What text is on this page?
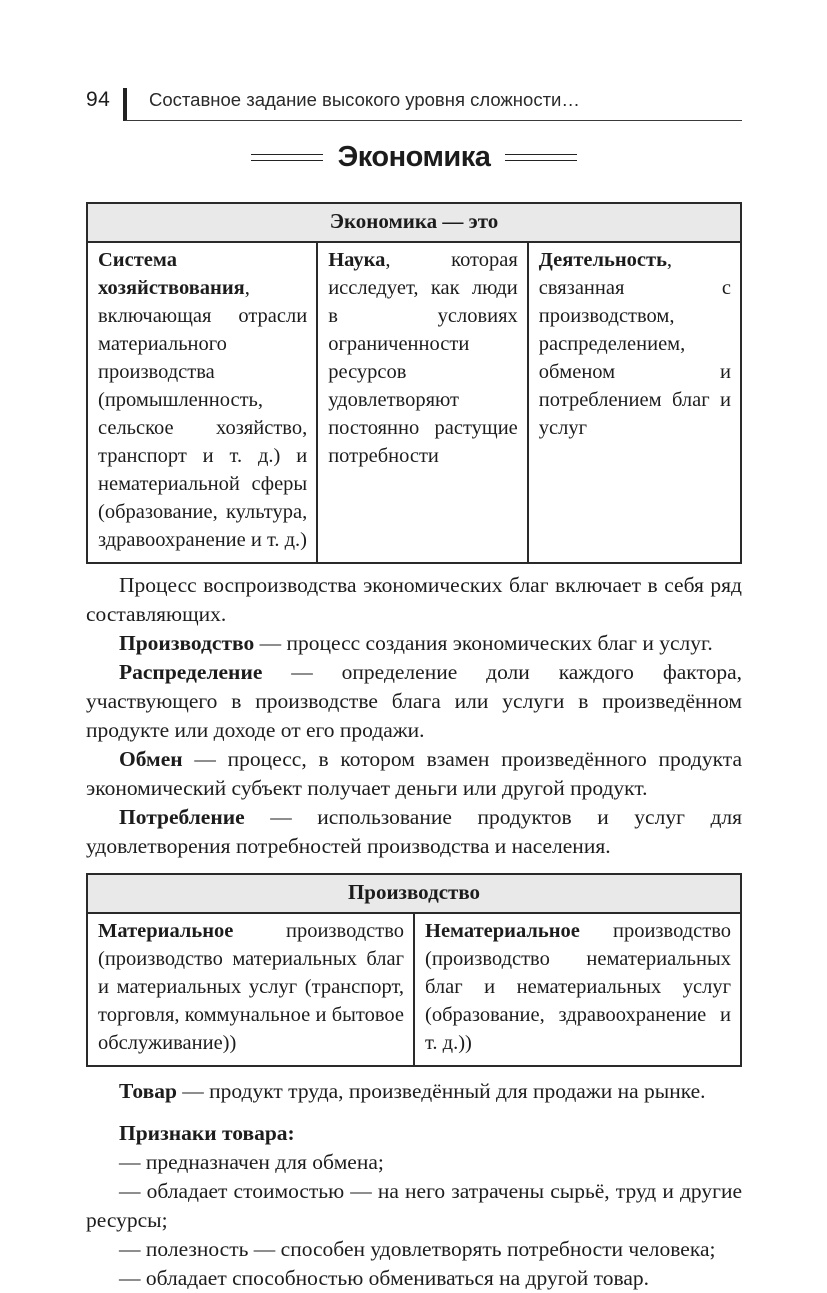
94	Составное задание высокого уровня сложности…
Экономика
Экономика — это
Система хозяйствования, включающая отрасли материального производства (промышленность, сельское хозяйство, транспорт и т. д.) и нематериальной сферы (образование, культура, здравоохранение и т. д.)	Наука, которая исследует, как люди в условиях ограниченности ресурсов удовлетворяют постоянно растущие потребности	Деятельность, связанная с производством, распределением, обменом и потреблением благ и услуг

Процесс воспроизводства экономических благ включает в себя ряд составляющих.

Производство — процесс создания экономических благ и услуг.

Распределение — определение доли каждого фактора, участвующего в производстве блага или услуги в произведённом продукте или доходе от его продажи.

Обмен — процесс, в котором взамен произведённого продукта экономический субъект получает деньги или другой продукт.

Потребление — использование продуктов и услуг для удовлетворения потребностей производства и населения.

Производство
Материальное производство (производство материальных благ и материальных услуг (транспорт, торговля, коммунальное и бытовое обслуживание))	Нематериальное производство (производство нематериальных благ и нематериальных услуг (образование, здравоохранение и т. д.))

Товар — продукт труда, произведённый для продажи на рынке.

Признаки товара:

— предназначен для обмена;

— обладает стоимостью — на него затрачены сырьё, труд и другие ресурсы;

— полезность — способен удовлетворять потребности человека;

— обладает способностью обмениваться на другой товар.
